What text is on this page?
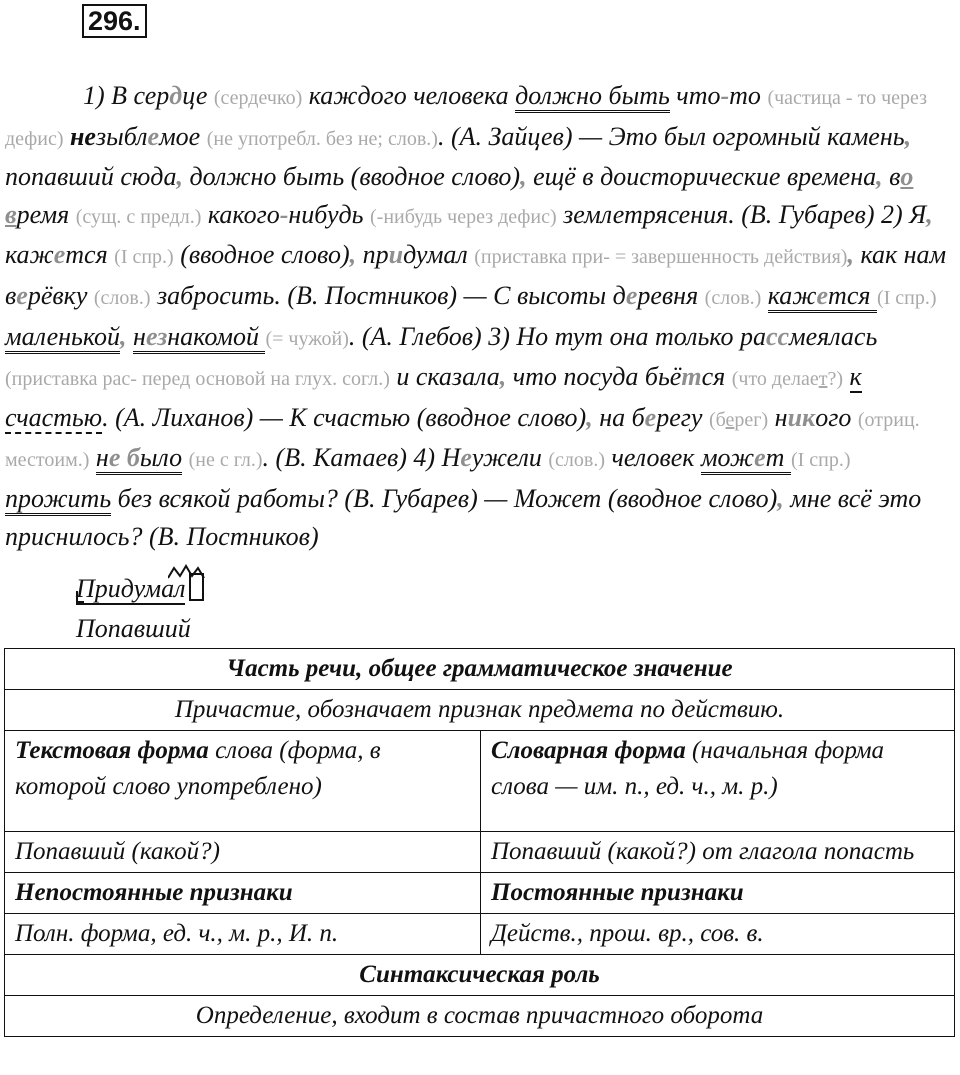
296.
1) В сердце (сердечко) каждого человека должно быть что-то (частица - то через дефис) незыблемое (не употребл. без не; слов.). (А. Зайцев) — Это был огромный камень, попавший сюда, должно быть (вводное слово), ещё в доисторические времена, во время (сущ. с предл.) какого-нибудь (-нибудь через дефис) землетрясения. (В. Губарев) 2) Я, кажется (I спр.) (вводное слово), придумал (приставка при- = завершенность действия), как нам верёвку (слов.) забросить. (В. Постников) — С высоты деревня (слов.) кажется (I спр.) маленькой, незнакомой (= чужой). (А. Глебов) 3) Но тут она только рассмеялась (приставка рас- перед основой на глух. согл.) и сказала, что посуда бьётся (что делает?) к счастью. (А. Лиханов) — К счастью (вводное слово), на берегу (берег) никого (отриц. местоим.) не было (не с гл.). (В. Катаев) 4) Неужели (слов.) человек может (I спр.) прожить без всякой работы? (В. Губарев) — Может (вводное слово), мне всё это приснилось? (В. Постников)
Придумал
Попавший
Часть речи, общее грамматическое значение	
Причастие, обозначает признак предмета по действию.	
Текстовая форма слова (форма, в которой слово употреблено)	Словарная форма (начальная форма слова — им. п., ед. ч., м. р.)
Попавший (какой?)	Попавший (какой?) от глагола попасть
Непостоянные признаки	Постоянные признаки
Полн. форма, ед. ч., м. р., И. п.	Действ., прош. вр., сов. в.
Синтаксическая роль	
Определение, входит в состав причастного оборота	
